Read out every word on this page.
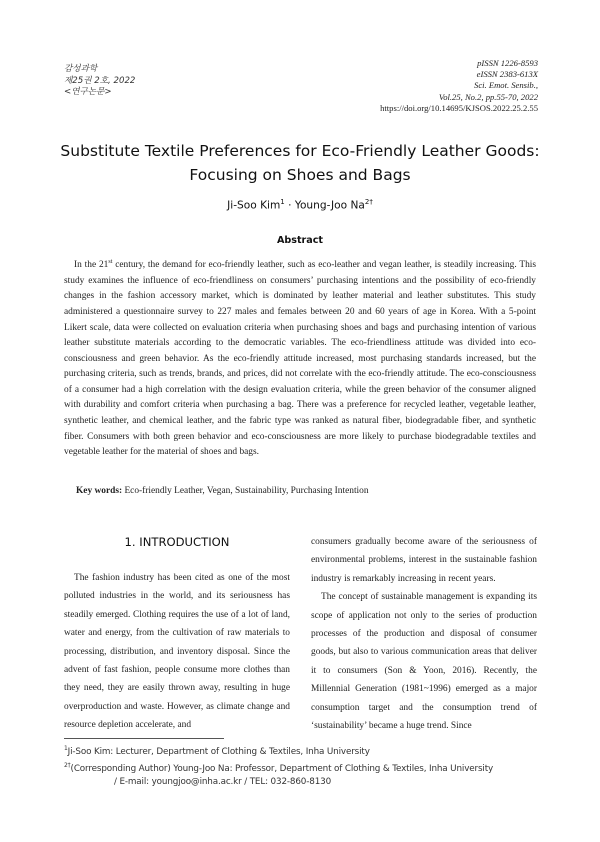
감성과학
제25권 2호, 2022
<연구논문>
pISSN 1226-8593
eISSN 2383-613X
Sci. Emot. Sensib.,
Vol.25, No.2, pp.55-70, 2022
https://doi.org/10.14695/KJSOS.2022.25.2.55
Substitute Textile Preferences for Eco-Friendly Leather Goods:
Focusing on Shoes and Bags
Ji-Soo Kim$^1$ · Young-Joo $Na^{2\dagger}$
Abstract

In the 21st century, the demand for eco-friendly leather, such as eco-leather and vegan leather, is steadily increasing. This study examines the influence of eco-friendliness on consumers’ purchasing intentions and the possibility of eco-friendly changes in the fashion accessory market, which is dominated by leather material and leather substitutes. This study administered a questionnaire survey to 227 males and females between 20 and 60 years of age in Korea. With a 5-point Likert scale, data were collected on evaluation criteria when purchasing shoes and bags and purchasing intention of various leather substitute materials according to the democratic variables. The eco-friendliness attitude was divided into eco-consciousness and green behavior. As the eco-friendly attitude increased, most purchasing standards increased, but the purchasing criteria, such as trends, brands, and prices, did not correlate with the eco-friendly attitude. The eco-consciousness of a consumer had a high correlation with the design evaluation criteria, while the green behavior of the consumer aligned with durability and comfort criteria when purchasing a bag. There was a preference for recycled leather, vegetable leather, synthetic leather, and chemical leather, and the fabric type was ranked as natural fiber, biodegradable fiber, and synthetic fiber. Consumers with both green behavior and eco-consciousness are more likely to purchase biodegradable textiles and vegetable leather for the material of shoes and bags.

Key words: Eco-friendly Leather, Vegan, Sustainability, Purchasing Intention
1. INTRODUCTION

The fashion industry has been cited as one of the most polluted industries in the world, and its seriousness has steadily emerged. Clothing requires the use of a lot of land, water and energy, from the cultivation of raw materials to processing, distribution, and inventory disposal. Since the advent of fast fashion, people consume more clothes than they need, they are easily thrown away, resulting in huge overproduction and waste. However, as climate change and resource depletion accelerate, and

consumers gradually become aware of the seriousness of environmental problems, interest in the sustainable fashion industry is remarkably increasing in recent years.

The concept of sustainable management is expanding its scope of application not only to the series of production processes of the production and disposal of consumer goods, but also to various communication areas that deliver it to consumers (Son & Yoon, 2016). Recently, the Millennial Generation (1981~1996) emerged as a major consumption target and the consumption trend of ‘sustainability’ became a huge trend. Since

$^1$Ji-Soo Kim: Lecturer, Department of Clothing & Textiles, Inha University
$^{2\dagger}$(Corresponding Author) Young-Joo Na: Professor, Department of Clothing & Textiles, Inha University
/ E-mail: youngjoo@inha.ac.kr / TEL: 032-860-8130
